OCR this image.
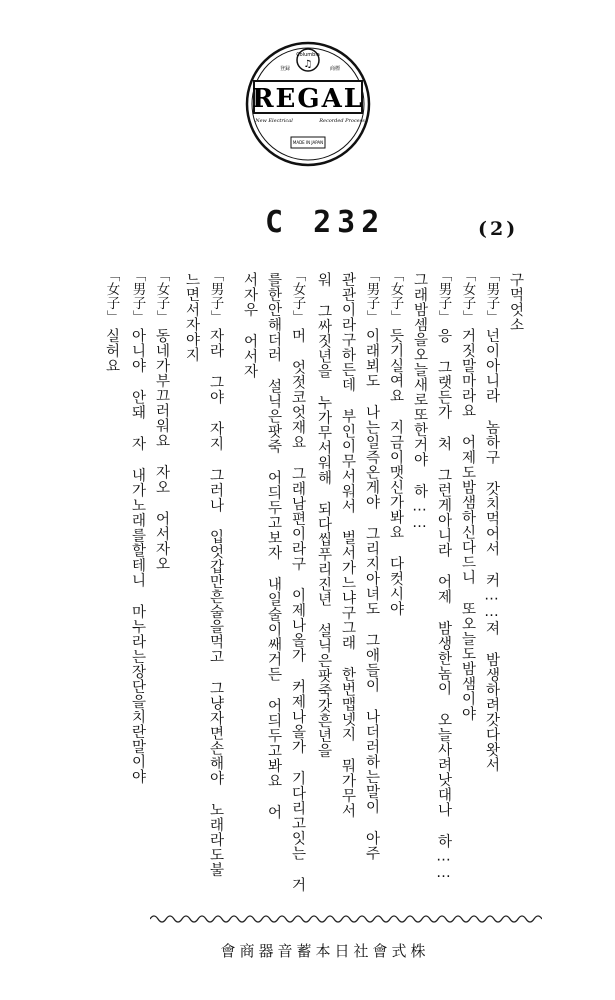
Columbia
♫
登録	商標
REGAL
New Electrical	Recorded Process
MADE IN JAPAN
C 232	(2)
구먹엇소
「男子」넌이아니라 놈하구 갓치먹어서 커……져 밤생하려갓다왓서
「女子」거짓말마라요 어제도밤샘하신다드니 또오늘도밤샘이야
「男子」응 그랫든가 처 그런게아니라 어제 밤생한놈이 오늘사려낫대나 하……
그래밤셈을오늘새로또한거야 하……
「女子」듯기실여요 지금이맷신가봐요 다컷시야
「男子」이래뵈도 나는일즉온게야 그리지아녀도 그애들이 나더러하는말이 아주
관관이라구하든데 부인이무서워서 벌서가느냐구그래 한번맵넷지 뭐가무서
워 그싸짓년을 누가무서워해 되다씹푸리진년 설닉은팟죽갓흔년을
「女子」머 엇젓코엇재요 그래남편이라구 이제나올가 커제나올가 기다리고잇는 거
를한안해더러 설닉은팟죽 어듸두고보자 내일술이쌔거든 어듸두고봐요 어
서자우 어서자
「男子」자라 그야 자지 그러나 입엇갑만흔술을먹고 그냥자면손해야 노래라도불
느면서자야지
「女子」동네가부끄러워요 자오 어서자오
「男子」아니야 안돼 자 내가노래를할테니 마누라는장단을치란말이야
「女子」실허요
會商器音蓄本日社會式株
